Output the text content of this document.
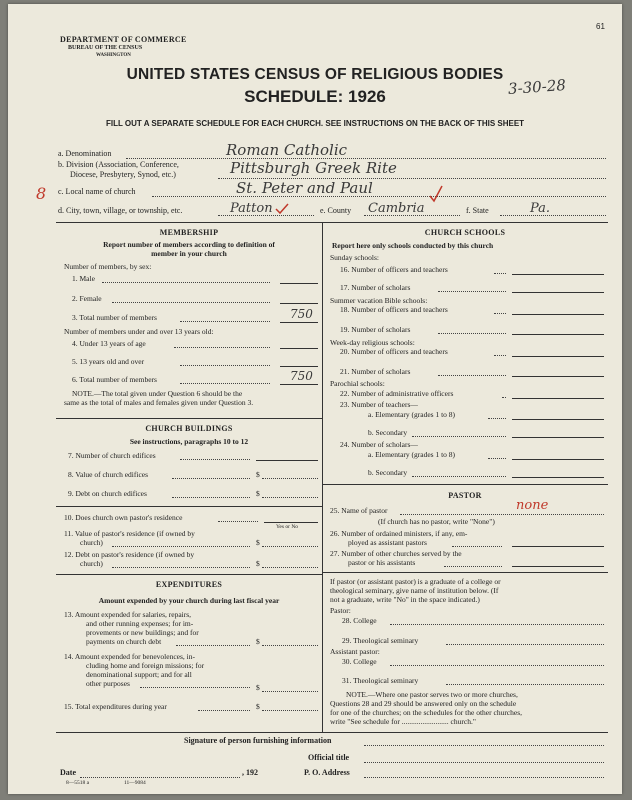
61
DEPARTMENT OF COMMERCE
BUREAU OF THE CENSUS
WASHINGTON
UNITED STATES CENSUS OF RELIGIOUS BODIES
SCHEDULE: 1926	3-30-28
FILL OUT A SEPARATE SCHEDULE FOR EACH CHURCH. SEE INSTRUCTIONS ON THE BACK OF THIS SHEET
8
a. Denomination	Roman Catholic
b. Division (Association, Conference,
Diocese, Presbytery, Synod, etc.)	Pittsburgh Greek Rite
c. Local name of church	St. Peter and Paul
d. City, town, village, or township, etc.	Patton	e. County Cambria	f. State	Pa.
MEMBERSHIP
Report number of members according to definition of
member in your church
Number of members, by sex:
1. Male
2. Female
3. Total number of members	750
Number of members under and over 13 years old:
4. Under 13 years of age
5. 13 years old and over
6. Total number of members	750
NOTE.—The total given under Question 6 should be the
same as the total of males and females given under Question 3.
CHURCH BUILDINGS
See instructions, paragraphs 10 to 12
7. Number of church edifices
8. Value of church edifices	$
9. Debt on church edifices	$
10. Does church own pastor's residence
Yes or No
11. Value of pastor's residence (if owned by
church)	$
12. Debt on pastor's residence (if owned by
church)	$
EXPENDITURES
Amount expended by your church during last fiscal year
13. Amount expended for salaries, repairs,
and other running expenses; for im-
provements or new buildings; and for
payments on church debt	$
14. Amount expended for benevolences, in-
cluding home and foreign missions; for
denominational support; and for all
other purposes	$
15. Total expenditures during year	$
CHURCH SCHOOLS
Report here only schools conducted by this church
Sunday schools:
16. Number of officers and teachers
17. Number of scholars
Summer vacation Bible schools:
18. Number of officers and teachers
19. Number of scholars
Week-day religious schools:
20. Number of officers and teachers
21. Number of scholars
Parochial schools:
22. Number of administrative officers
23. Number of teachers—
a. Elementary (grades 1 to 8)
b. Secondary
24. Number of scholars—
a. Elementary (grades 1 to 8)
b. Secondary
PASTOR
25. Name of pastor	none
(If church has no pastor, write "None")
26. Number of ordained ministers, if any, em-
ployed as assistant pastors
27. Number of other churches served by the
pastor or his assistants
If pastor (or assistant pastor) is a graduate of a college or
theological seminary, give name of institution below. (If
not a graduate, write "No" in the space indicated.)
Pastor:
28. College
29. Theological seminary
Assistant pastor:
30. College
31. Theological seminary
NOTE.—Where one pastor serves two or more churches,
Questions 28 and 29 should be answered only on the schedule
for one of the churches; on the schedules for the other churches,
write "See schedule for ......................... church."
Signature of person furnishing information
Official title
Date	, 192	P. O. Address
8—5518 a	11—9084
